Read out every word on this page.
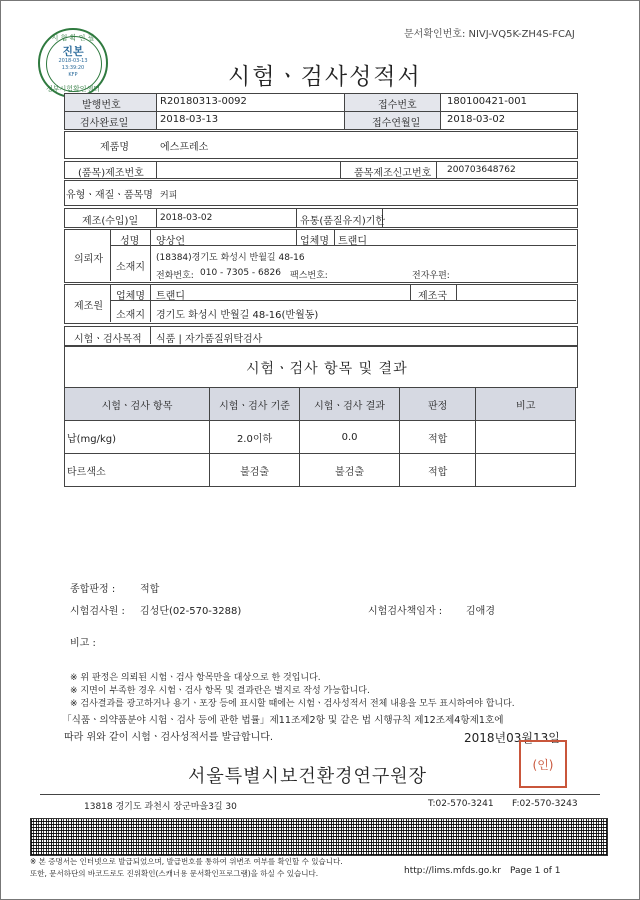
문서확인번호: NIVJ-VQ5K-ZH4S-FCAJ
시 험 확 인 필
진본
2018-03-13
13:39:20
KFP
정부시험확인센터	시험ㆍ검사성적서
발행번호	R20180313-0092	접수번호	180100421-001
검사완료일	2018-03-13	접수연월일	2018-03-02
제품명	에스프레소
(품목)제조번호	품목제조신고번호 200703648762
유형ㆍ재질ㆍ품목명 커피
제조(수입)일 2018-03-02	유통(품질유지)기한
의뢰자
성명 양상언	업체명 트랜디
소재지
(18384)경기도 화성시 반월길 48-16
전화번호: 010 - 7305 - 6826 팩스번호:	전자우편:
제조원
업체명 트랜디	제조국
소재지 경기도 화성시 반월길 48-16(반월동)
시험ㆍ검사목적 식품 | 자가품질위탁검사
시험ㆍ검사 항목 및 결과
시험ㆍ검사 항목	시험ㆍ검사 기준	시험ㆍ검사 결과	판정	비고
납(mg/kg)	2.0이하	0.0	적합	
타르색소	불검출	불검출	적합	
종합판정 : 적합
시험검사원 : 김성단(02-570-3288)	시험검사책임자 : 김애경
비고 :
※ 위 판정은 의뢰된 시험ㆍ검사 항목만을 대상으로 한 것입니다.
※ 지면이 부족한 경우 시험ㆍ검사 항목 및 결과란은 별지로 작성 가능합니다.
※ 검사결과를 광고하거나 용기ㆍ포장 등에 표시할 때에는 시험ㆍ검사성적서 전체 내용을 모두 표시하여야 합니다.
「식품ㆍ의약품분야 시험ㆍ검사 등에 관한 법률」제11조제2항 및 같은 법 시행규칙 제12조제4항제1호에
따라 위와 같이 시험ㆍ검사성적서를 발급합니다.	2018년03월13일
서울특별시보건환경연구원장
(인)
13818 경기도 과천시 장군마을3길 30	T:02-570-3241 F:02-570-3243
※ 본 증명서는 인터넷으로 발급되었으며, 발급번호를 통하여 위변조 여부를 확인할 수 있습니다.
또한, 문서하단의 바코드로도 진위확인(스캐너용 문서확인프로그램)을 하실 수 있습니다.	http://lims.mfds.go.kr Page 1 of 1
